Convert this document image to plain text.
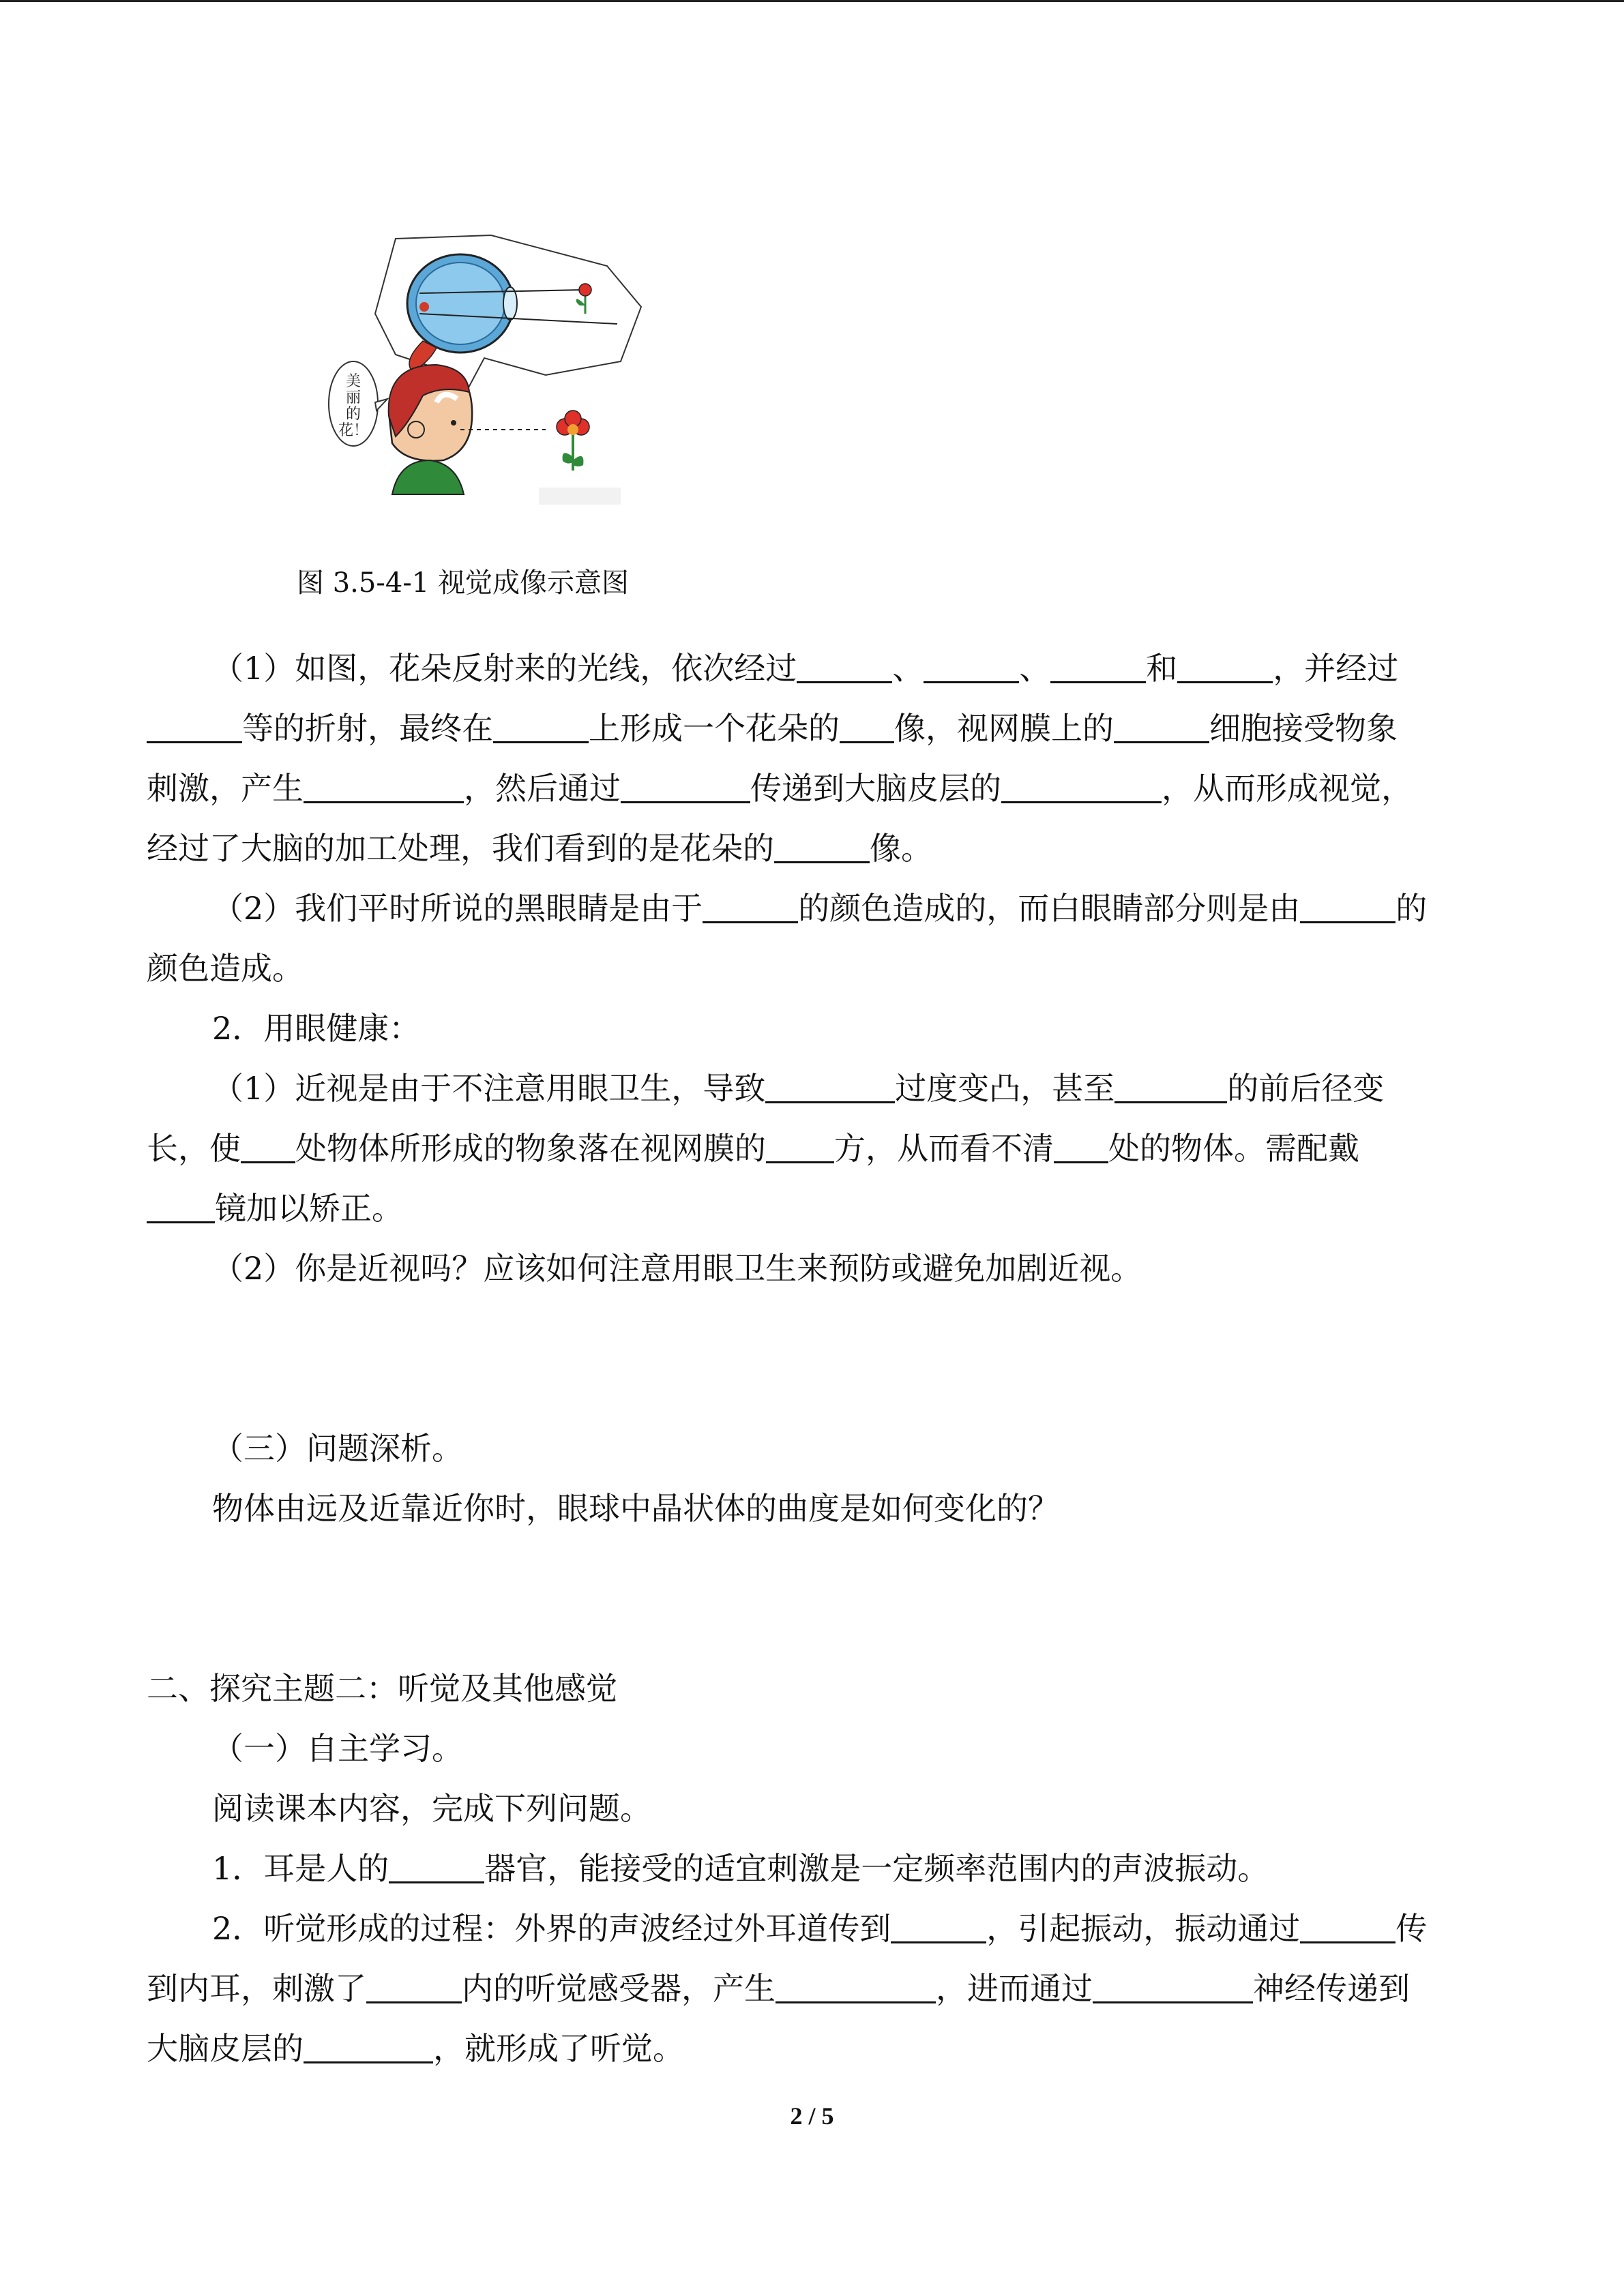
美
丽
的
花！
图 3.5-4-1 视觉成像示意图
（1）如图，花朵反射来的光线，依次经过	、	、	和	，并经过
等的折射，最终在	上形成一个花朵的 像，视网膜上的	细胞接受物象
刺激，产生	，然后通过	传递到大脑皮层的	，从而形成视觉，
经过了大脑的加工处理，我们看到的是花朵的	像。
（2）我们平时所说的黑眼睛是由于	的颜色造成的，而白眼睛部分则是由	的
颜色造成。
2．用眼健康：
（1）近视是由于不注意用眼卫生，导致	过度变凸，甚至	的前后径变
长，使 处物体所形成的物象落在视网膜的 方，从而看不清 处的物体。需配戴
镜加以矫正。
（2）你是近视吗？应该如何注意用眼卫生来预防或避免加剧近视。
（三）问题深析。
物体由远及近靠近你时，眼球中晶状体的曲度是如何变化的？
二、探究主题二：听觉及其他感觉
（一）自主学习。
阅读课本内容，完成下列问题。
1．耳是人的	器官，能接受的适宜刺激是一定频率范围内的声波振动。
2．听觉形成的过程：外界的声波经过外耳道传到	，引起振动，振动通过	传
到内耳，刺激了	内的听觉感受器，产生	，进而通过	神经传递到
大脑皮层的	，就形成了听觉。
2 / 5
